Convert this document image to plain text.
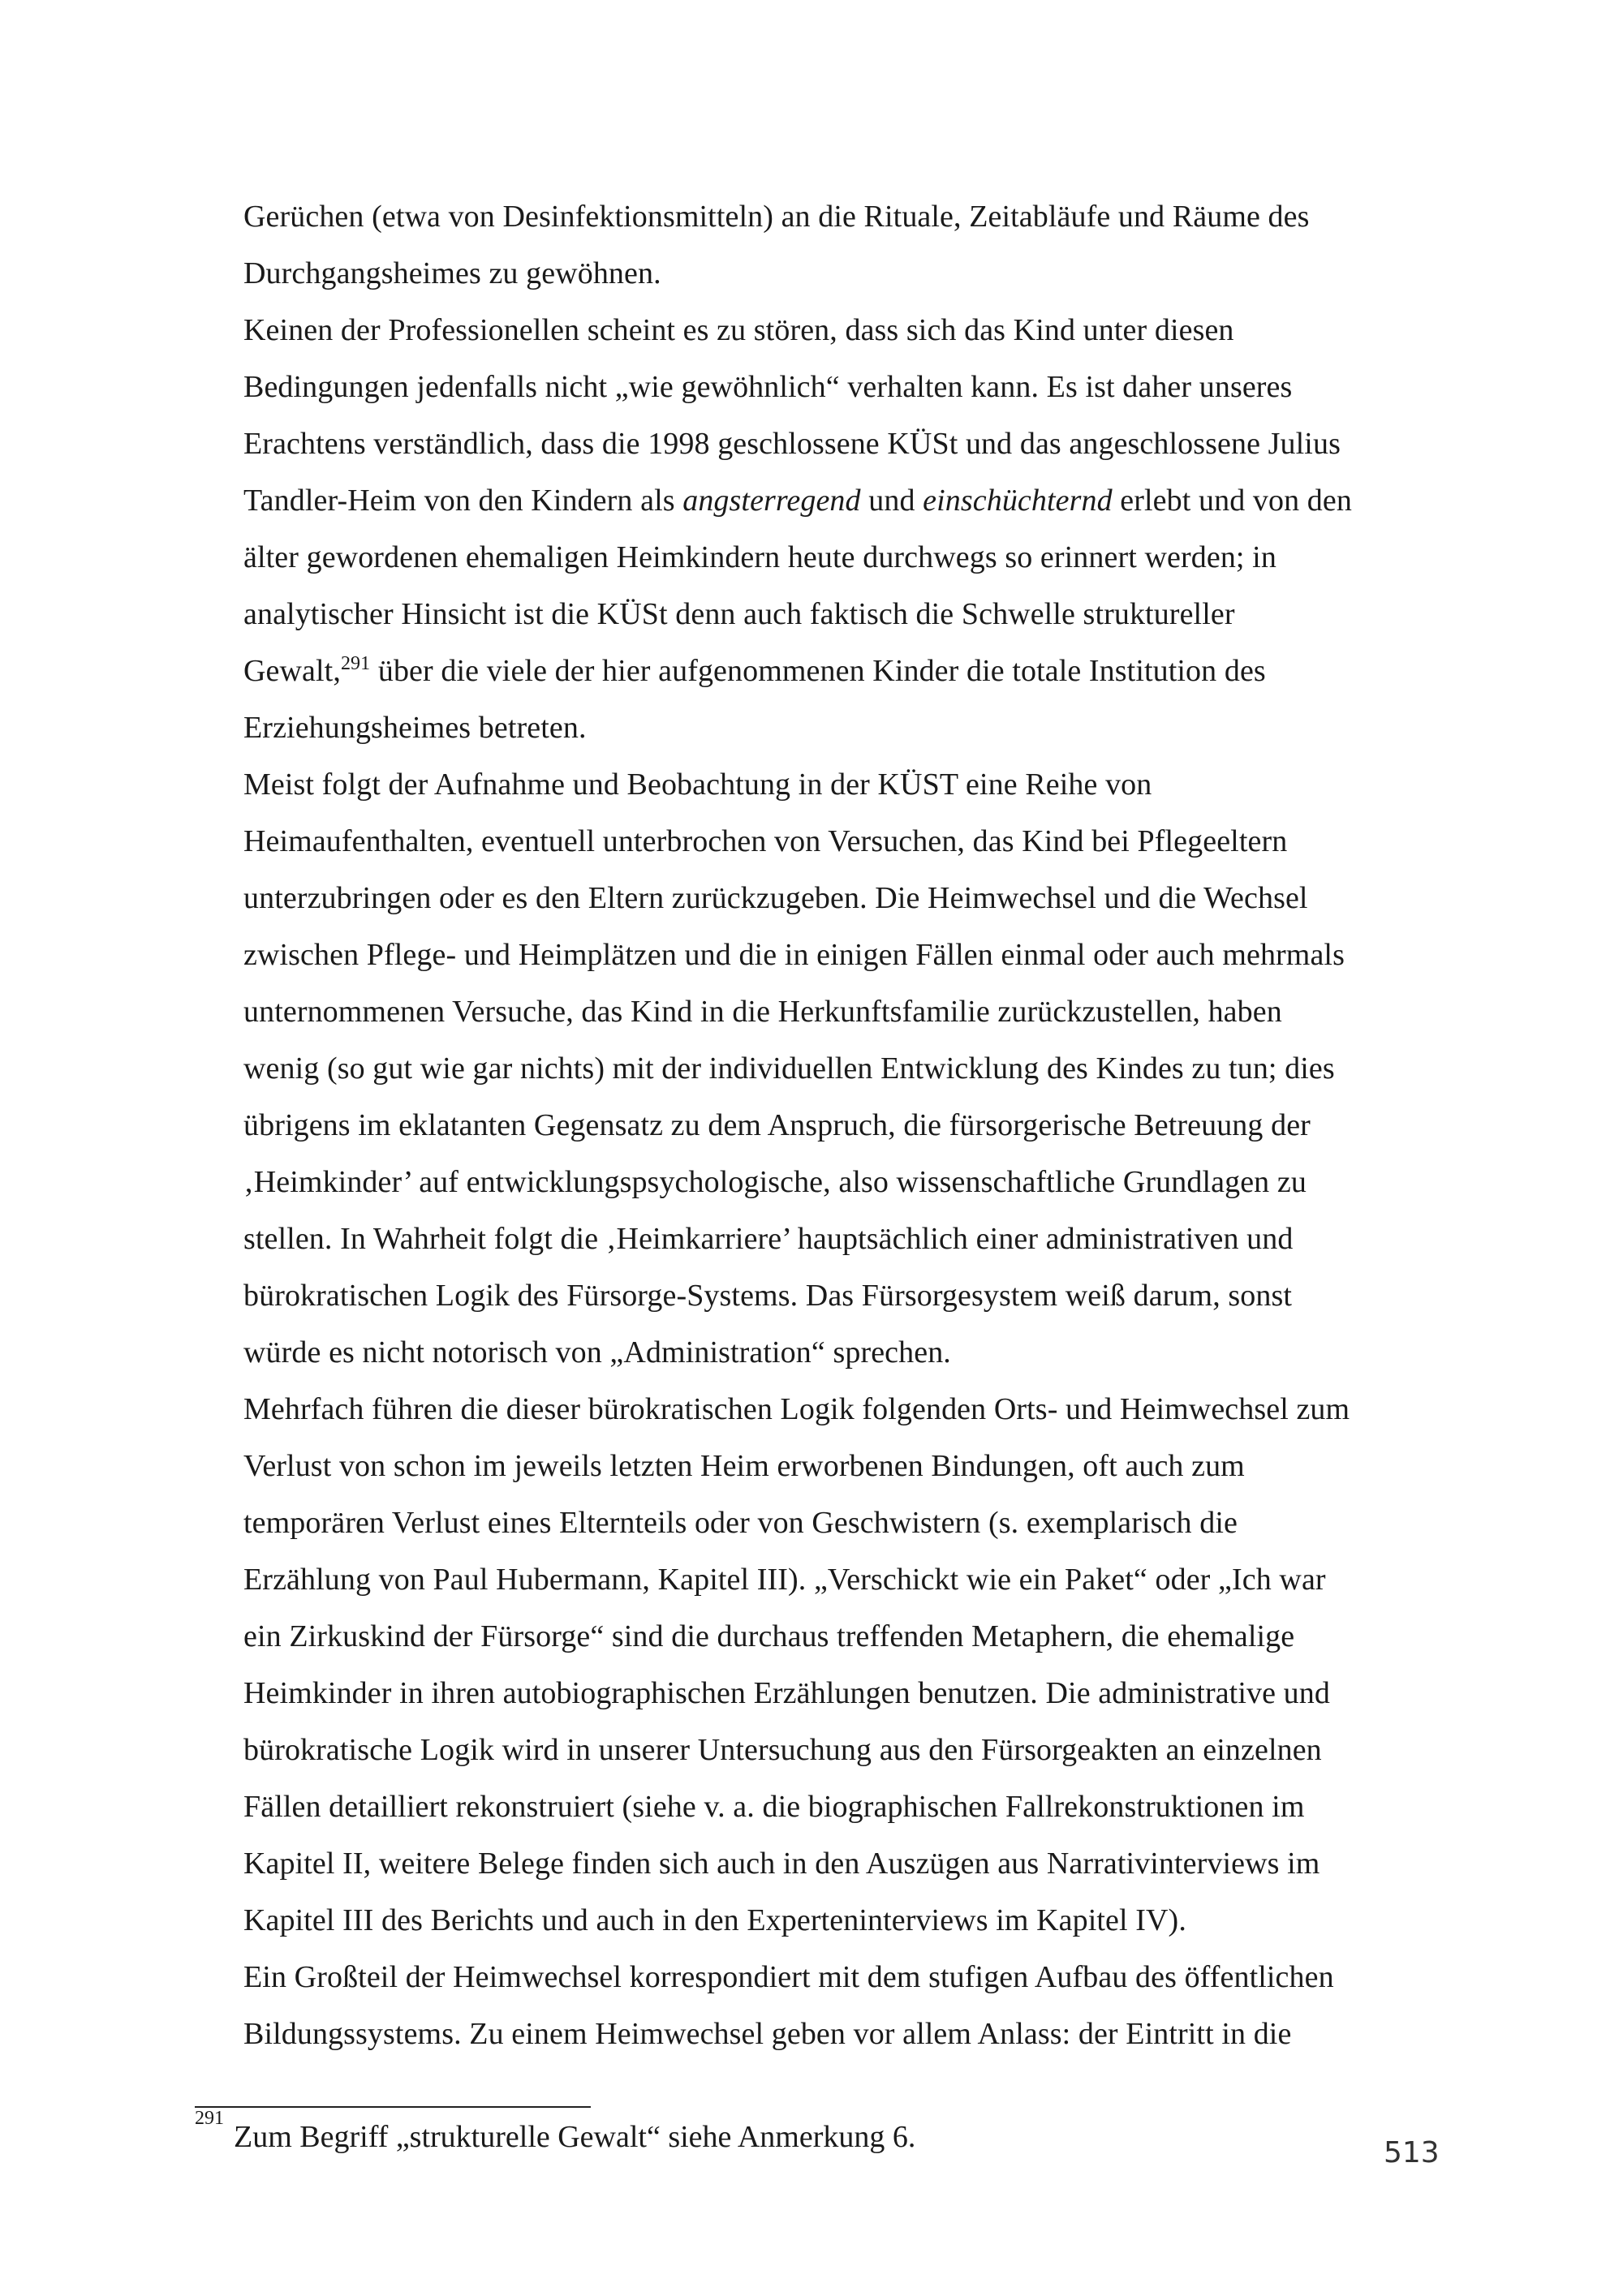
Gerüchen (etwa von Desinfektionsmitteln) an die Rituale, Zeitabläufe und Räume des
Durchgangsheimes zu gewöhnen.
Keinen der Professionellen scheint es zu stören, dass sich das Kind unter diesen
Bedingungen jedenfalls nicht „wie gewöhnlich“ verhalten kann. Es ist daher unseres
Erachtens verständlich, dass die 1998 geschlossene KÜSt und das angeschlossene Julius
Tandler-Heim von den Kindern als angsterregend und einschüchternd erlebt und von den
älter gewordenen ehemaligen Heimkindern heute durchwegs so erinnert werden; in
analytischer Hinsicht ist die KÜSt denn auch faktisch die Schwelle struktureller
Gewalt,$^{291}$ über die viele der hier aufgenommenen Kinder die totale Institution des
Erziehungsheimes betreten.
Meist folgt der Aufnahme und Beobachtung in der KÜST eine Reihe von
Heimaufenthalten, eventuell unterbrochen von Versuchen, das Kind bei Pflegeeltern
unterzubringen oder es den Eltern zurückzugeben. Die Heimwechsel und die Wechsel
zwischen Pflege- und Heimplätzen und die in einigen Fällen einmal oder auch mehrmals
unternommenen Versuche, das Kind in die Herkunftsfamilie zurückzustellen, haben
wenig (so gut wie gar nichts) mit der individuellen Entwicklung des Kindes zu tun; dies
übrigens im eklatanten Gegensatz zu dem Anspruch, die fürsorgerische Betreuung der
‚Heimkinder’ auf entwicklungspsychologische, also wissenschaftliche Grundlagen zu
stellen. In Wahrheit folgt die ‚Heimkarriere’ hauptsächlich einer administrativen und
bürokratischen Logik des Fürsorge-Systems. Das Fürsorgesystem weiß darum, sonst
würde es nicht notorisch von „Administration“ sprechen.
Mehrfach führen die dieser bürokratischen Logik folgenden Orts- und Heimwechsel zum
Verlust von schon im jeweils letzten Heim erworbenen Bindungen, oft auch zum
temporären Verlust eines Elternteils oder von Geschwistern (s. exemplarisch die
Erzählung von Paul Hubermann, Kapitel III). „Verschickt wie ein Paket“ oder „Ich war
ein Zirkuskind der Fürsorge“ sind die durchaus treffenden Metaphern, die ehemalige
Heimkinder in ihren autobiographischen Erzählungen benutzen. Die administrative und
bürokratische Logik wird in unserer Untersuchung aus den Fürsorgeakten an einzelnen
Fällen detailliert rekonstruiert (siehe v. a. die biographischen Fallrekonstruktionen im
Kapitel II, weitere Belege finden sich auch in den Auszügen aus Narrativinterviews im
Kapitel III des Berichts und auch in den Experteninterviews im Kapitel IV).
Ein Großteil der Heimwechsel korrespondiert mit dem stufigen Aufbau des öffentlichen
Bildungssystems. Zu einem Heimwechsel geben vor allem Anlass: der Eintritt in die
$^{291}$Zum Begriff „strukturelle Gewalt“ siehe Anmerkung 6.	513
